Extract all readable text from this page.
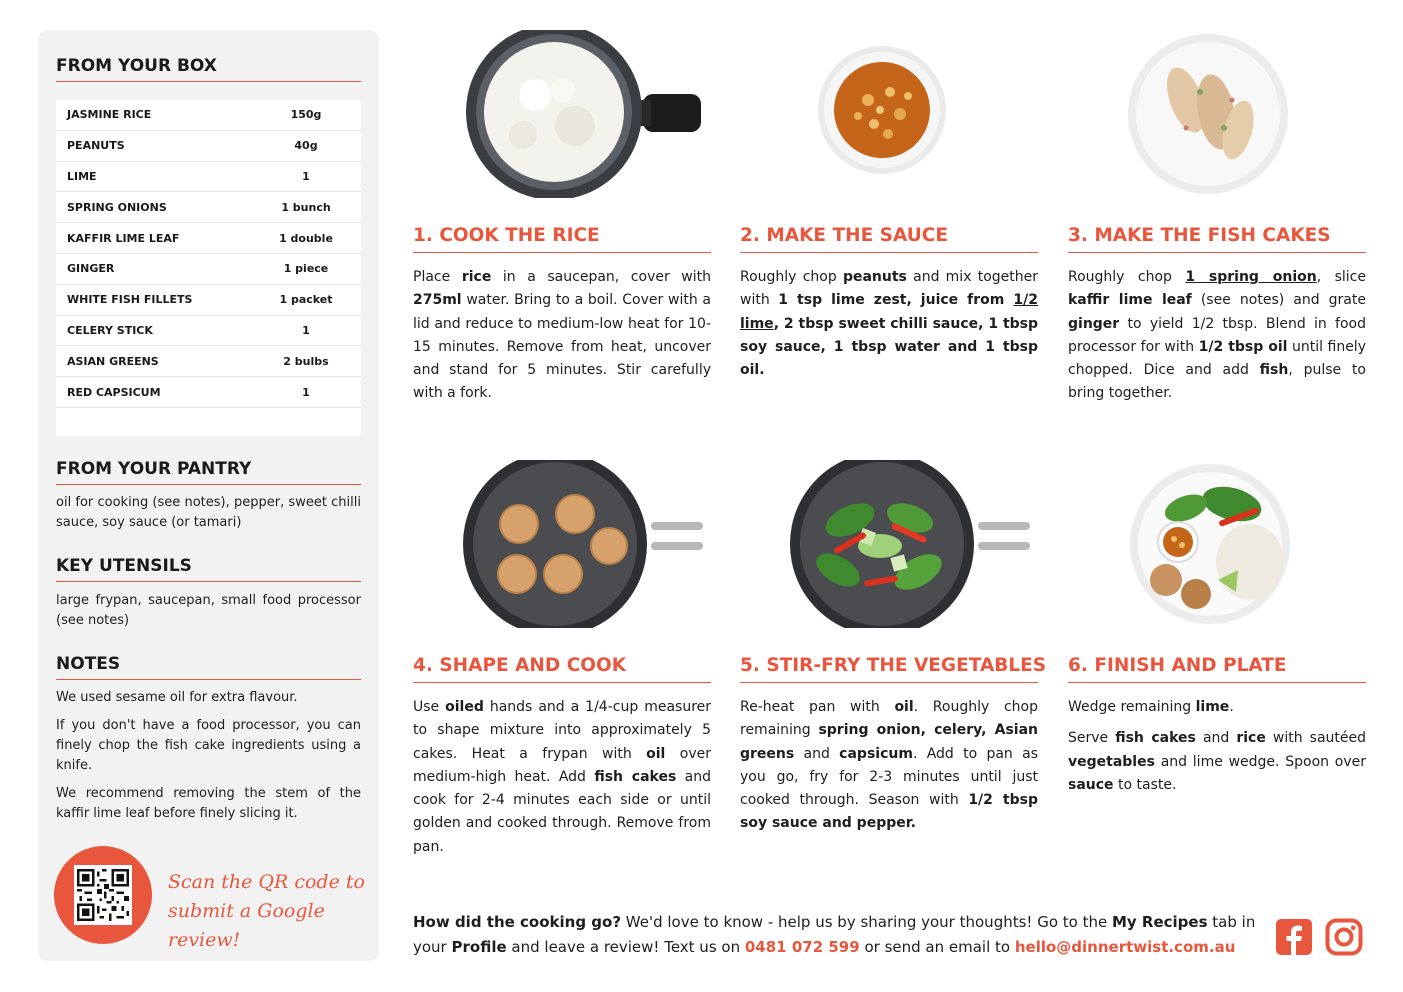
FROM YOUR BOX
JASMINE RICE	150g
PEANUTS	40g
LIME	1
SPRING ONIONS	1 bunch
KAFFIR LIME LEAF	1 double
GINGER	1 piece
WHITE FISH FILLETS	1 packet
CELERY STICK	1
ASIAN GREENS	2 bulbs
RED CAPSICUM	1
FROM YOUR PANTRY
oil for cooking (see notes), pepper, sweet chilli sauce, soy sauce (or tamari)
KEY UTENSILS
large frypan, saucepan, small food processor (see notes)
NOTES

We used sesame oil for extra flavour.

If you don't have a food processor, you can finely chop the fish cake ingredients using a knife.

We recommend removing the stem of the kaffir lime leaf before finely slicing it.

Scan the QR code to
submit a Google review!
1. COOK THE RICE
Place rice in a saucepan, cover with 275ml water. Bring to a boil. Cover with a lid and reduce to medium-low heat for 10-15 minutes. Remove from heat, uncover and stand for 5 minutes. Stir carefully with a fork.
2. MAKE THE SAUCE
Roughly chop peanuts and mix together with 1 tsp lime zest, juice from 1/2 lime, 2 tbsp sweet chilli sauce, 1 tbsp soy sauce, 1 tbsp water and 1 tbsp oil.
3. MAKE THE FISH CAKES
Roughly chop 1 spring onion, slice kaffir lime leaf (see notes) and grate ginger to yield 1/2 tbsp. Blend in food processor for with 1/2 tbsp oil until finely chopped. Dice and add fish, pulse to bring together.
4. SHAPE AND COOK
Use oiled hands and a 1/4-cup measurer to shape mixture into approximately 5 cakes. Heat a frypan with oil over medium-high heat. Add fish cakes and cook for 2-4 minutes each side or until golden and cooked through. Remove from pan.
5. STIR-FRY THE VEGETABLES
Re-heat pan with oil. Roughly chop remaining spring onion, celery, Asian greens and capsicum. Add to pan as you go, fry for 2-3 minutes until just cooked through. Season with 1/2 tbsp soy sauce and pepper.
6. FINISH AND PLATE

Wedge remaining lime.

Serve fish cakes and rice with sautéed vegetables and lime wedge. Spoon over sauce to taste.

How did the cooking go? We'd love to know - help us by sharing your thoughts! Go to the My Recipes tab in your Profile and leave a review! Text us on 0481 072 599 or send an email to hello@dinnertwist.com.au
